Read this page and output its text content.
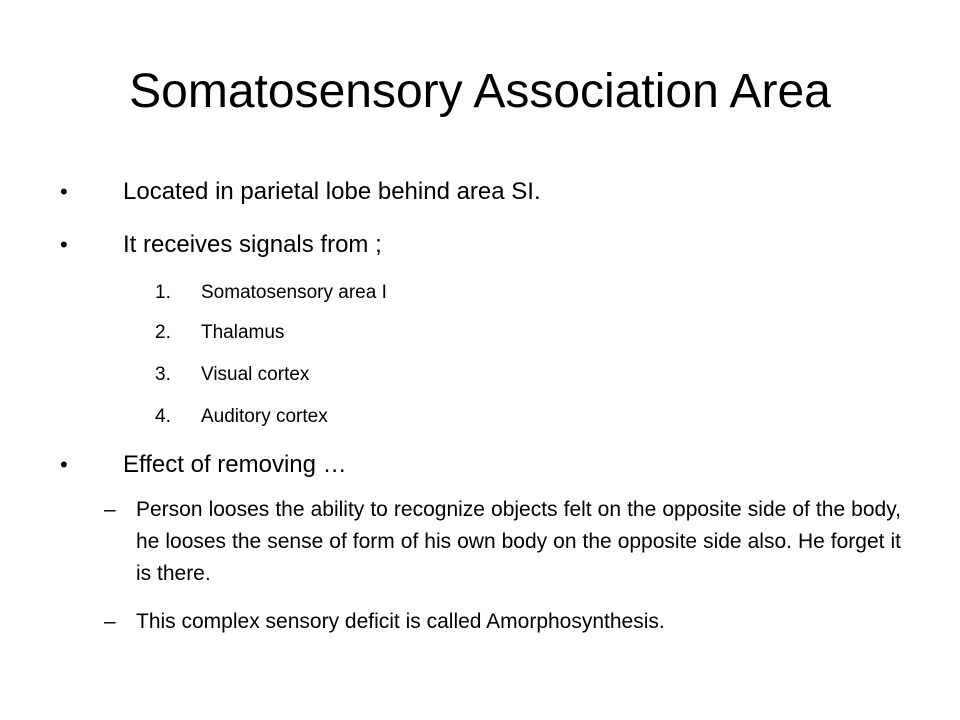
Somatosensory Association Area
•	Located in parietal lobe behind area SI.
•	It receives signals from ;
1.	Somatosensory area I
2.	Thalamus
3.	Visual cortex
4.	Auditory cortex
•	Effect of removing …
– Person looses the ability to recognize objects felt on the opposite side of the body, he looses the sense of form of his own body on the opposite side also. He forget it is there.
– This complex sensory deficit is called Amorphosynthesis.
